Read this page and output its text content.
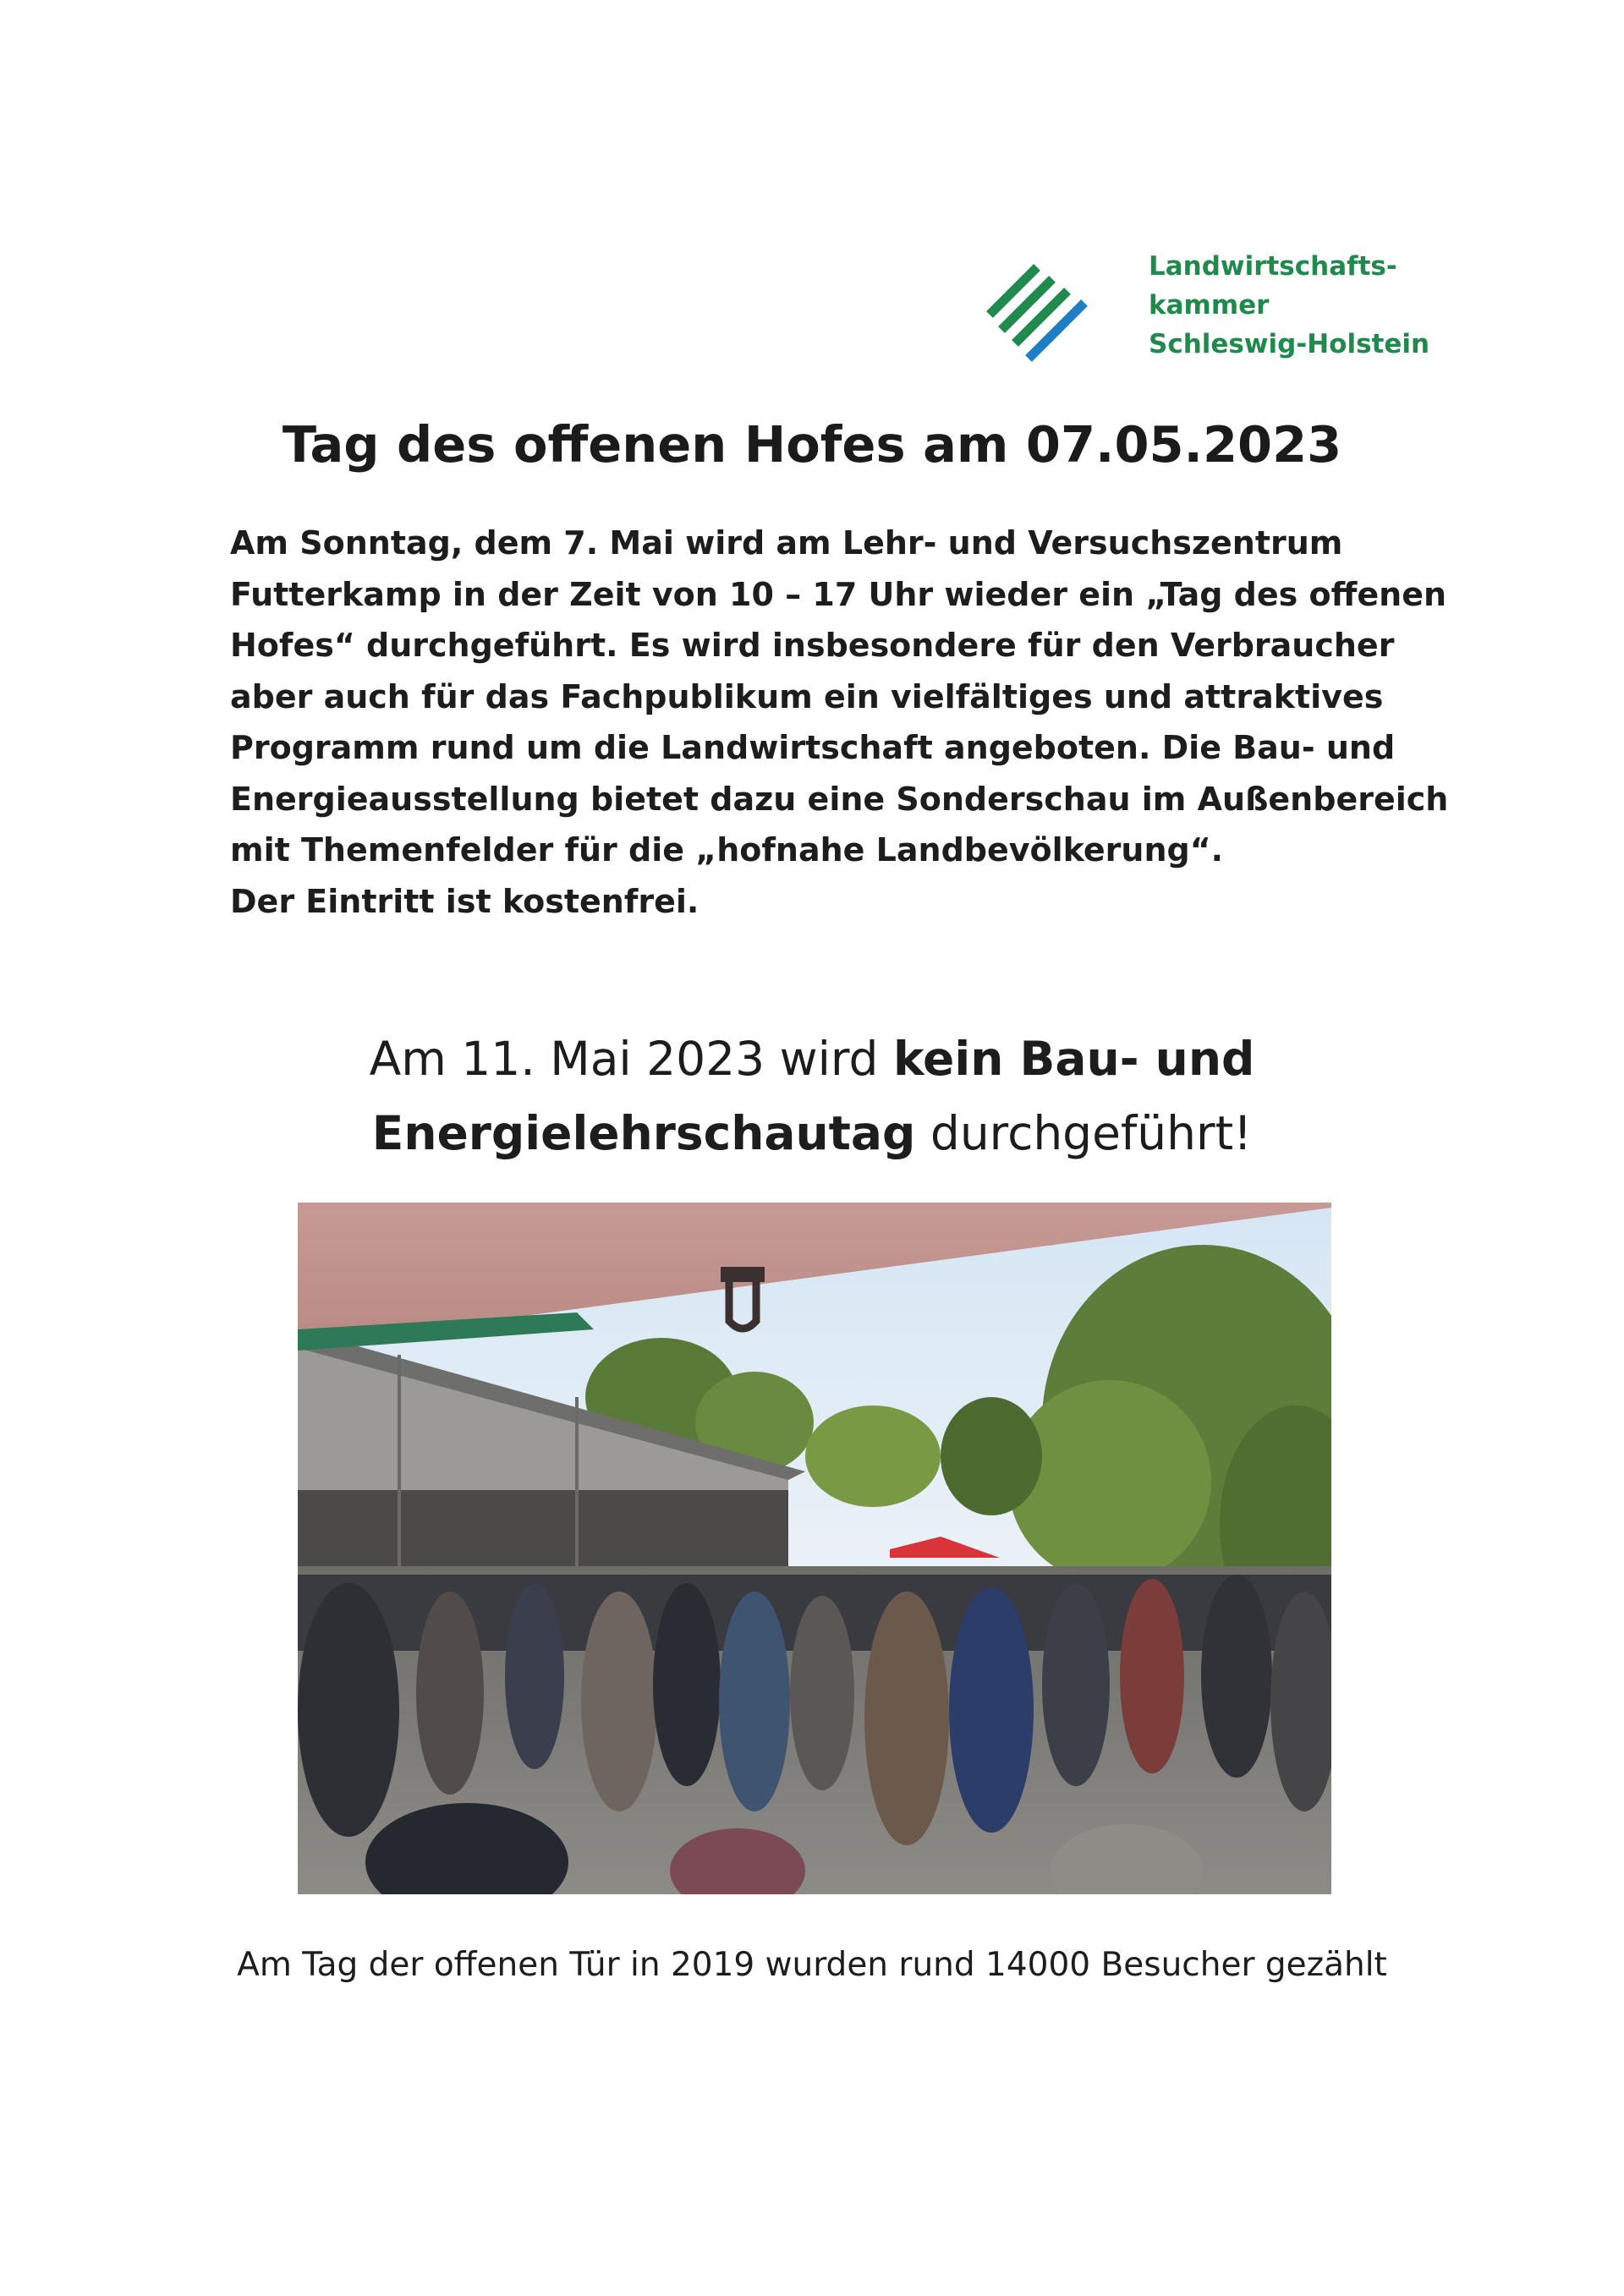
Landwirtschafts-
kammer
Schleswig-Holstein
Tag des offenen Hofes am 07.05.2023
Am Sonntag, dem 7. Mai wird am Lehr- und Versuchszentrum
Futterkamp in der Zeit von 10 – 17 Uhr wieder ein „Tag des offenen
Hofes“ durchgeführt. Es wird insbesondere für den Verbraucher
aber auch für das Fachpublikum ein vielfältiges und attraktives
Programm rund um die Landwirtschaft angeboten. Die Bau- und
Energieausstellung bietet dazu eine Sonderschau im Außenbereich
mit Themenfelder für die „hofnahe Landbevölkerung“.
Der Eintritt ist kostenfrei.
Am 11. Mai 2023 wird kein Bau- und
Energielehrschautag durchgeführt!
Am Tag der offenen Tür in 2019 wurden rund 14000 Besucher gezählt
